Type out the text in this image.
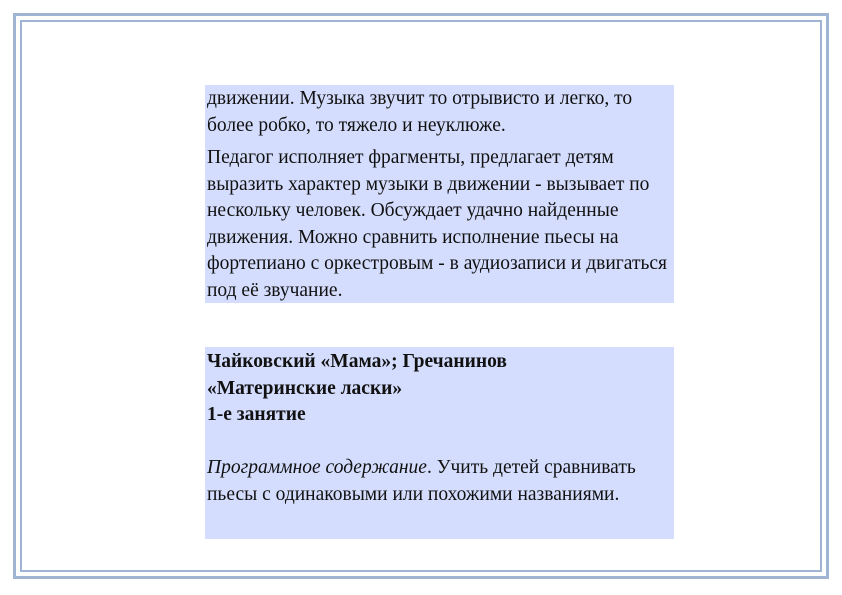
движении. Музыка звучит то отрывисто и легко, то более робко, то тяжело и неуклюже.

Педагог исполняет фрагменты, предлагает детям выразить характер музыки в движении - вызывает по нескольку человек. Обсуждает удачно найденные движения. Можно сравнить исполнение пьесы на фортепиано с оркестровым - в аудиозаписи и двигаться под её звучание.

Чайковский «Мама»; Гречанинов

«Материнские ласки»

1-е занятие

Программное содержание. Учить детей сравнивать пьесы с одинаковыми или похожими названиями.
